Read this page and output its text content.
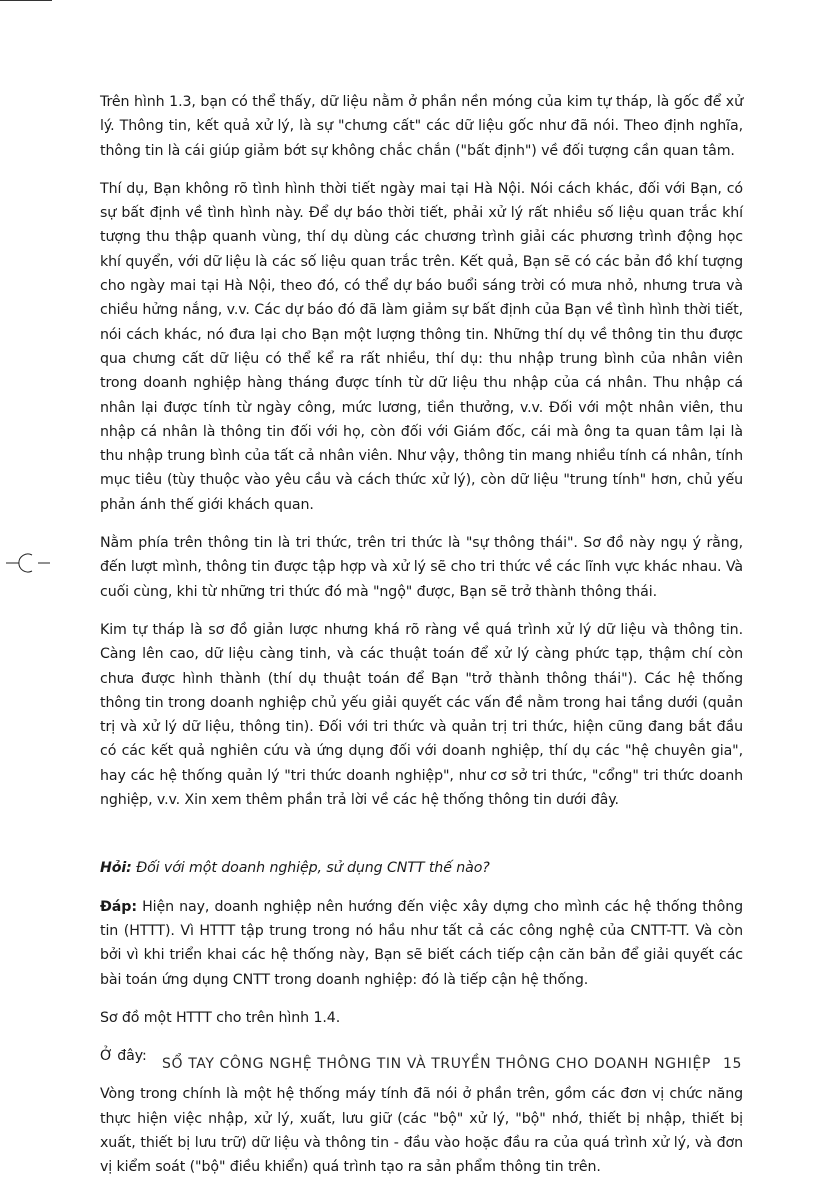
Trên hình 1.3, bạn có thể thấy, dữ liệu nằm ở phần nền móng của kim tự tháp, là gốc để xử lý. Thông tin, kết quả xử lý, là sự "chưng cất" các dữ liệu gốc như đã nói. Theo định nghĩa, thông tin là cái giúp giảm bớt sự không chắc chắn ("bất định") về đối tượng cần quan tâm.

Thí dụ, Bạn không rõ tình hình thời tiết ngày mai tại Hà Nội. Nói cách khác, đối với Bạn, có sự bất định về tình hình này. Để dự báo thời tiết, phải xử lý rất nhiều số liệu quan trắc khí tượng thu thập quanh vùng, thí dụ dùng các chương trình giải các phương trình động học khí quyển, với dữ liệu là các số liệu quan trắc trên. Kết quả, Bạn sẽ có các bản đồ khí tượng cho ngày mai tại Hà Nội, theo đó, có thể dự báo buổi sáng trời có mưa nhỏ, nhưng trưa và chiều hửng nắng, v.v. Các dự báo đó đã làm giảm sự bất định của Bạn về tình hình thời tiết, nói cách khác, nó đưa lại cho Bạn một lượng thông tin. Những thí dụ về thông tin thu được qua chưng cất dữ liệu có thể kể ra rất nhiều, thí dụ: thu nhập trung bình của nhân viên trong doanh nghiệp hàng tháng được tính từ dữ liệu thu nhập của cá nhân. Thu nhập cá nhân lại được tính từ ngày công, mức lương, tiền thưởng, v.v. Đối với một nhân viên, thu nhập cá nhân là thông tin đối với họ, còn đối với Giám đốc, cái mà ông ta quan tâm lại là thu nhập trung bình của tất cả nhân viên. Như vậy, thông tin mang nhiều tính cá nhân, tính mục tiêu (tùy thuộc vào yêu cầu và cách thức xử lý), còn dữ liệu "trung tính" hơn, chủ yếu phản ánh thế giới khách quan.

Nằm phía trên thông tin là tri thức, trên tri thức là "sự thông thái". Sơ đồ này ngụ ý rằng, đến lượt mình, thông tin được tập hợp và xử lý sẽ cho tri thức về các lĩnh vực khác nhau. Và cuối cùng, khi từ những tri thức đó mà "ngộ" được, Bạn sẽ trở thành thông thái.

Kim tự tháp là sơ đồ giản lược nhưng khá rõ ràng về quá trình xử lý dữ liệu và thông tin. Càng lên cao, dữ liệu càng tinh, và các thuật toán để xử lý càng phức tạp, thậm chí còn chưa được hình thành (thí dụ thuật toán để Bạn "trở thành thông thái"). Các hệ thống thông tin trong doanh nghiệp chủ yếu giải quyết các vấn đề nằm trong hai tầng dưới (quản trị và xử lý dữ liệu, thông tin). Đối với tri thức và quản trị tri thức, hiện cũng đang bắt đầu có các kết quả nghiên cứu và ứng dụng đối với doanh nghiệp, thí dụ các "hệ chuyên gia", hay các hệ thống quản lý "tri thức doanh nghiệp", như cơ sở tri thức, "cổng" tri thức doanh nghiệp, v.v. Xin xem thêm phần trả lời về các hệ thống thông tin dưới đây.

Hỏi: Đối với một doanh nghiệp, sử dụng CNTT thế nào?

Đáp: Hiện nay, doanh nghiệp nên hướng đến việc xây dựng cho mình các hệ thống thông tin (HTTT). Vì HTTT tập trung trong nó hầu như tất cả các công nghệ của CNTT-TT. Và còn bởi vì khi triển khai các hệ thống này, Bạn sẽ biết cách tiếp cận căn bản để giải quyết các bài toán ứng dụng CNTT trong doanh nghiệp: đó là tiếp cận hệ thống.

Sơ đồ một HTTT cho trên hình 1.4.

Ở đây:

Vòng trong chính là một hệ thống máy tính đã nói ở phần trên, gồm các đơn vị chức năng thực hiện việc nhập, xử lý, xuất, lưu giữ (các "bộ" xử lý, "bộ" nhớ, thiết bị nhập, thiết bị xuất, thiết bị lưu trữ) dữ liệu và thông tin - đầu vào hoặc đầu ra của quá trình xử lý, và đơn vị kiểm soát ("bộ" điều khiển) quá trình tạo ra sản phẩm thông tin trên.

SỔ TAY CÔNG NGHỆ THÔNG TIN VÀ TRUYỀN THÔNG CHO DOANH NGHIỆP 15
